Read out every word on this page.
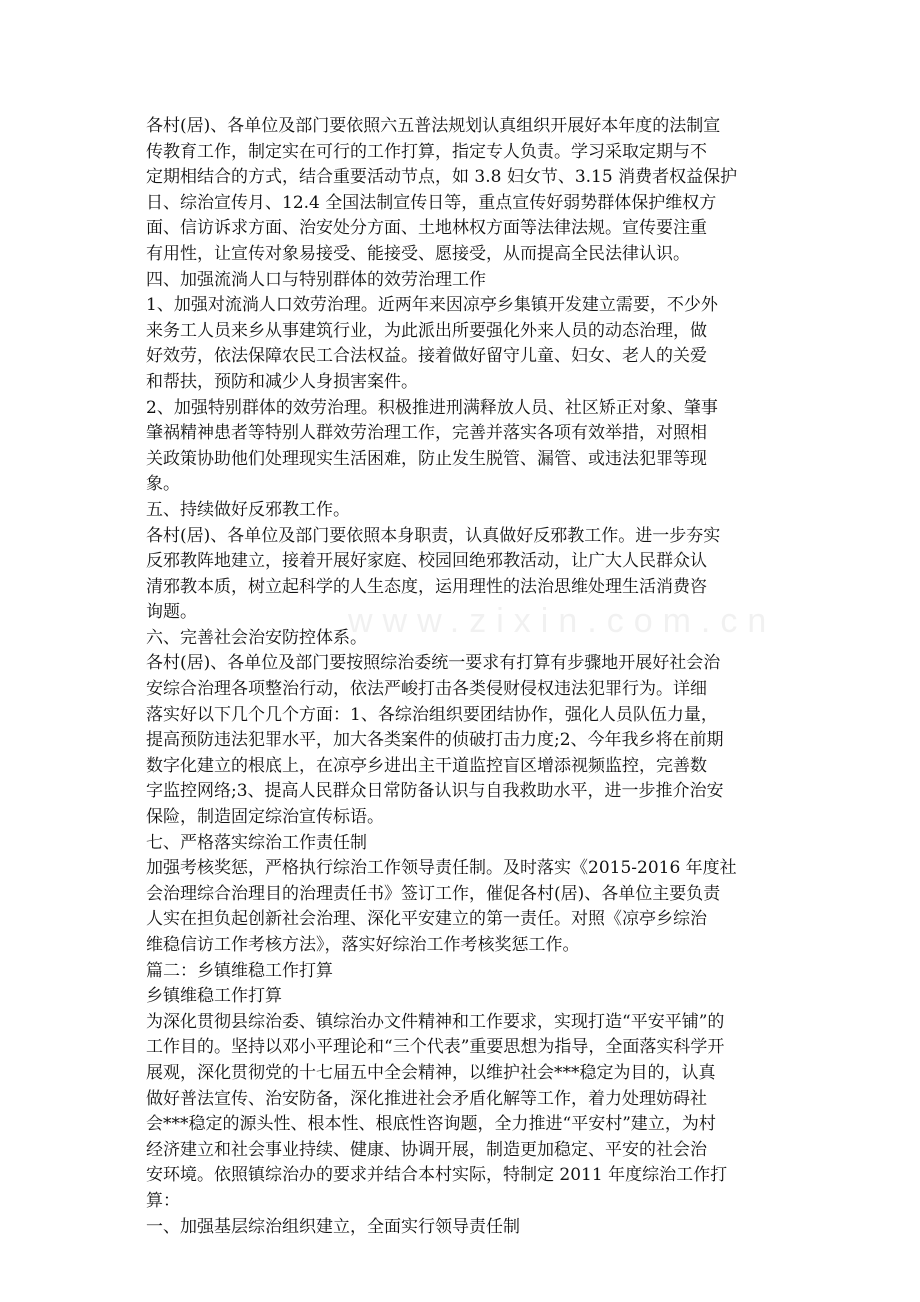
www.zixin.com.cn
各村(居)、各单位及部门要依照六五普法规划认真组织开展好本年度的法制宣
传教育工作，制定实在可行的工作打算，指定专人负责。学习采取定期与不
定期相结合的方式，结合重要活动节点，如 3.8 妇女节、3.15 消费者权益保护
日、综治宣传月、12.4 全国法制宣传日等，重点宣传好弱势群体保护维权方
面、信访诉求方面、治安处分方面、土地林权方面等法律法规。宣传要注重
有用性，让宣传对象易接受、能接受、愿接受，从而提高全民法律认识。
四、加强流淌人口与特别群体的效劳治理工作
1、加强对流淌人口效劳治理。近两年来因凉亭乡集镇开发建立需要，不少外
来务工人员来乡从事建筑行业，为此派出所要强化外来人员的动态治理，做
好效劳，依法保障农民工合法权益。接着做好留守儿童、妇女、老人的关爱
和帮扶，预防和减少人身损害案件。
2、加强特别群体的效劳治理。积极推进刑满释放人员、社区矫正对象、肇事
肇祸精神患者等特别人群效劳治理工作，完善并落实各项有效举措，对照相
关政策协助他们处理现实生活困难，防止发生脱管、漏管、或违法犯罪等现
象。
五、持续做好反邪教工作。
各村(居)、各单位及部门要依照本身职责，认真做好反邪教工作。进一步夯实
反邪教阵地建立，接着开展好家庭、校园回绝邪教活动，让广大人民群众认
清邪教本质，树立起科学的人生态度，运用理性的法治思维处理生活消费咨
询题。
六、完善社会治安防控体系。
各村(居)、各单位及部门要按照综治委统一要求有打算有步骤地开展好社会治
安综合治理各项整治行动，依法严峻打击各类侵财侵权违法犯罪行为。详细
落实好以下几个几个方面：1、各综治组织要团结协作，强化人员队伍力量，
提高预防违法犯罪水平，加大各类案件的侦破打击力度;2、今年我乡将在前期
数字化建立的根底上，在凉亭乡进出主干道监控盲区增添视频监控，完善数
字监控网络;3、提高人民群众日常防备认识与自我救助水平，进一步推介治安
保险，制造固定综治宣传标语。
七、严格落实综治工作责任制
加强考核奖惩，严格执行综治工作领导责任制。及时落实《2015-2016 年度社
会治理综合治理目的治理责任书》签订工作，催促各村(居)、各单位主要负责
人实在担负起创新社会治理、深化平安建立的第一责任。对照《凉亭乡综治
维稳信访工作考核方法》，落实好综治工作考核奖惩工作。
篇二：乡镇维稳工作打算
乡镇维稳工作打算
为深化贯彻县综治委、镇综治办文件精神和工作要求，实现打造“平安平铺”的
工作目的。坚持以邓小平理论和“三个代表”重要思想为指导，全面落实科学开
展观，深化贯彻党的十七届五中全会精神，以维护社会***稳定为目的，认真
做好普法宣传、治安防备，深化推进社会矛盾化解等工作，着力处理妨碍社
会***稳定的源头性、根本性、根底性咨询题，全力推进“平安村”建立，为村
经济建立和社会事业持续、健康、协调开展，制造更加稳定、平安的社会治
安环境。依照镇综治办的要求并结合本村实际，特制定 2011 年度综治工作打
算：
一、加强基层综治组织建立，全面实行领导责任制
